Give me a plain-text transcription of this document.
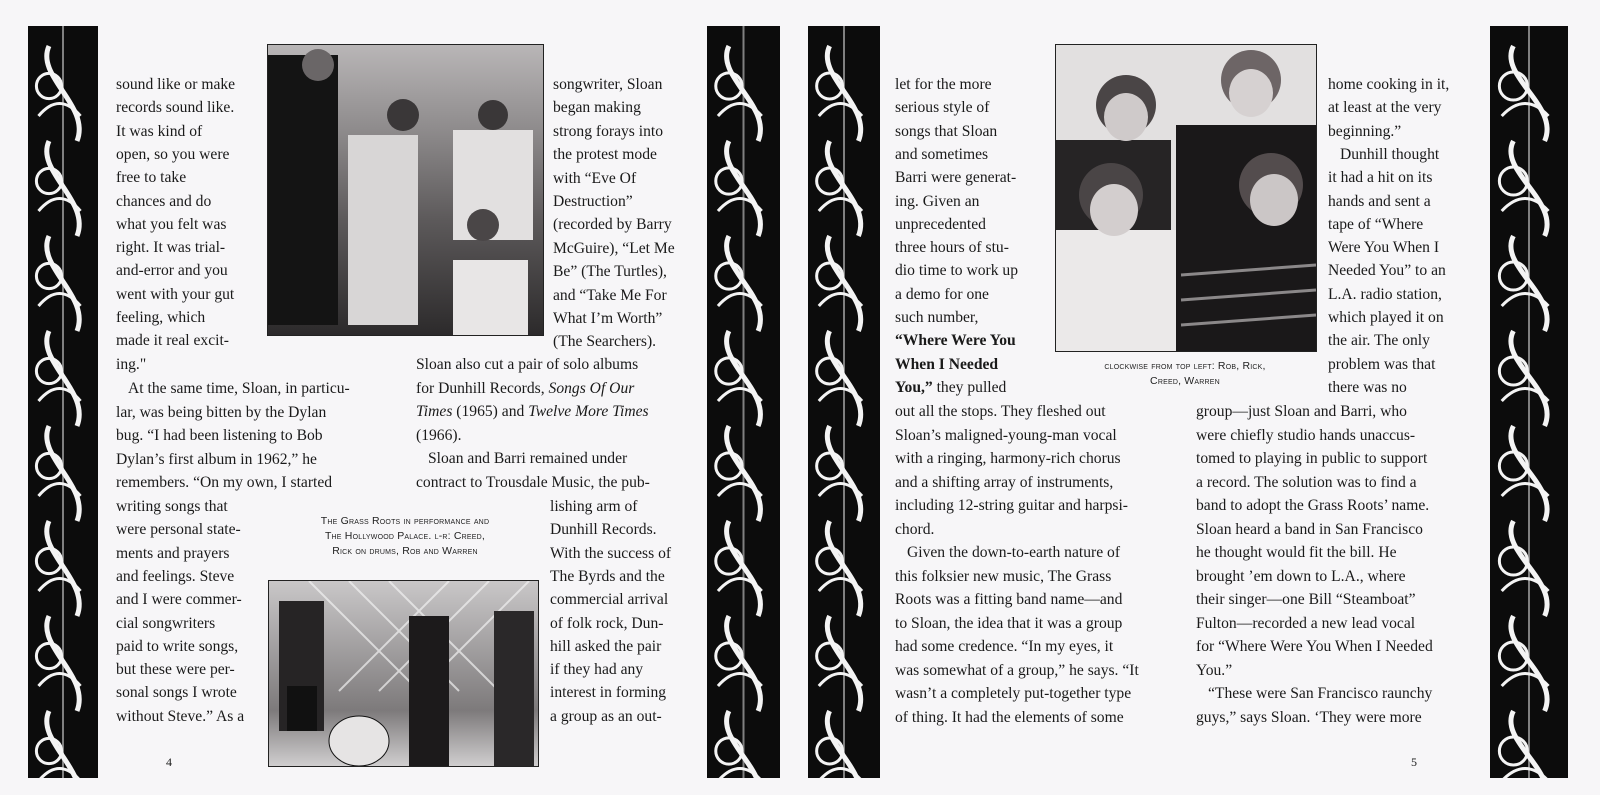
The Grass Roots in performance and
The Hollywood Palace. l-r: Creed,
Rick on drums, Rob and Warren
clockwise from top left: Rob, Rick,
Creed, Warren
4	5
sound like or make
records sound like.
It was kind of
open, so you were
free to take
chances and do
what you felt was
right. It was trial-
and-error and you
went with your gut
feeling, which
made it real excit-
ing."
At the same time, Sloan, in particu-
lar, was being bitten by the Dylan
bug. “I had been listening to Bob
Dylan’s first album in 1962,” he
remembers. “On my own, I started
writing songs that
were personal state-
ments and prayers
and feelings. Steve
and I were commer-
cial songwriters
paid to write songs,
but these were per-
sonal songs I wrote
without Steve.” As a
songwriter, Sloan
began making
strong forays into
the protest mode
with “Eve Of
Destruction”
(recorded by Barry
McGuire), “Let Me
Be” (The Turtles),
and “Take Me For
What I’m Worth”
(The Searchers).
Sloan also cut a pair of solo albums
for Dunhill Records, Songs Of Our
Times (1965) and Twelve More Times
(1966).
Sloan and Barri remained under
contract to Trousdale Music, the pub-
lishing arm of
Dunhill Records.
With the success of
The Byrds and the
commercial arrival
of folk rock, Dun-
hill asked the pair
if they had any
interest in forming
a group as an out-
let for the more
serious style of
songs that Sloan
and sometimes
Barri were generat-
ing. Given an
unprecedented
three hours of stu-
dio time to work up
a demo for one
such number,
“Where Were You
When I Needed
You,” they pulled
out all the stops. They fleshed out
Sloan’s maligned-young-man vocal
with a ringing, harmony-rich chorus
and a shifting array of instruments,
including 12-string guitar and harpsi-
chord.
Given the down-to-earth nature of
this folksier new music, The Grass
Roots was a fitting band name—and
to Sloan, the idea that it was a group
had some credence. “In my eyes, it
was somewhat of a group,” he says. “It
wasn’t a completely put-together type
of thing. It had the elements of some
home cooking in it,
at least at the very
beginning.”
Dunhill thought
it had a hit on its
hands and sent a
tape of “Where
Were You When I
Needed You” to an
L.A. radio station,
which played it on
the air. The only
problem was that
there was no
group—just Sloan and Barri, who
were chiefly studio hands unaccus-
tomed to playing in public to support
a record. The solution was to find a
band to adopt the Grass Roots’ name.
Sloan heard a band in San Francisco
he thought would fit the bill. He
brought ’em down to L.A., where
their singer—one Bill “Steamboat”
Fulton—recorded a new lead vocal
for “Where Were You When I Needed
You.”
“These were San Francisco raunchy
guys,” says Sloan. ‘They were more
